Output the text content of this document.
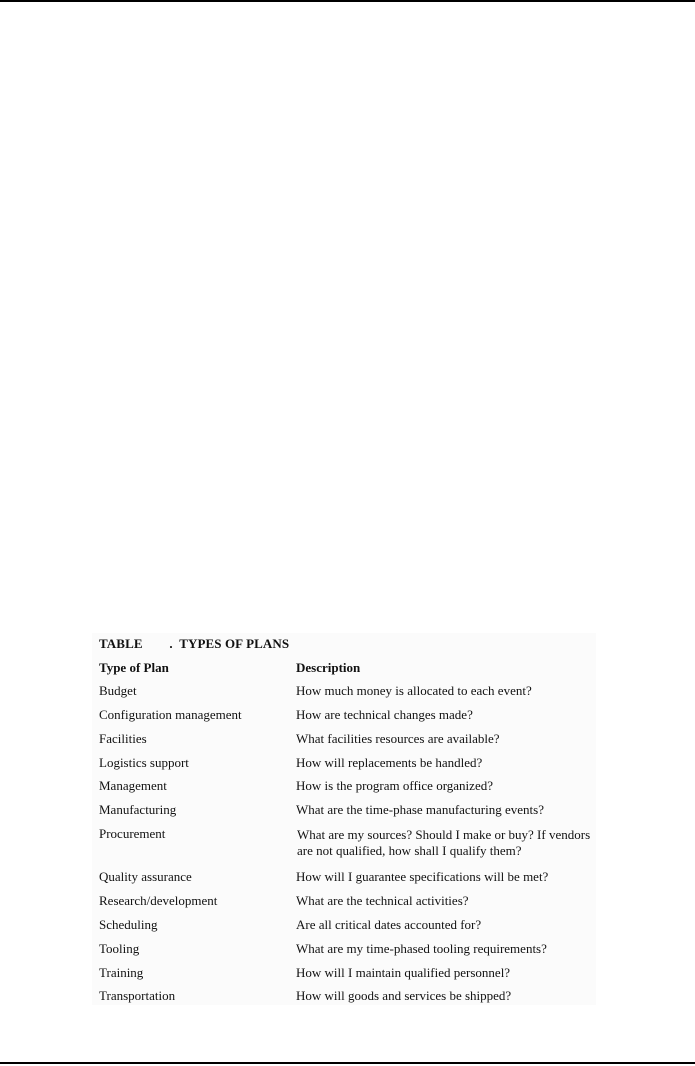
TABLE        .  TYPES OF PLANS
Type of Plan	Description
Budget	How much money is allocated to each event?
Configuration management	How are technical changes made?
Facilities	What facilities resources are available?
Logistics support	How will replacements be handled?
Management	How is the program office organized?
Manufacturing	What are the time-phase manufacturing events?
Procurement	What are my sources? Should I make or buy? If vendors
are not qualified, how shall I qualify them?
Quality assurance	How will I guarantee specifications will be met?
Research/development	What are the technical activities?
Scheduling	Are all critical dates accounted for?
Tooling	What are my time-phased tooling requirements?
Training	How will I maintain qualified personnel?
Transportation	How will goods and services be shipped?
